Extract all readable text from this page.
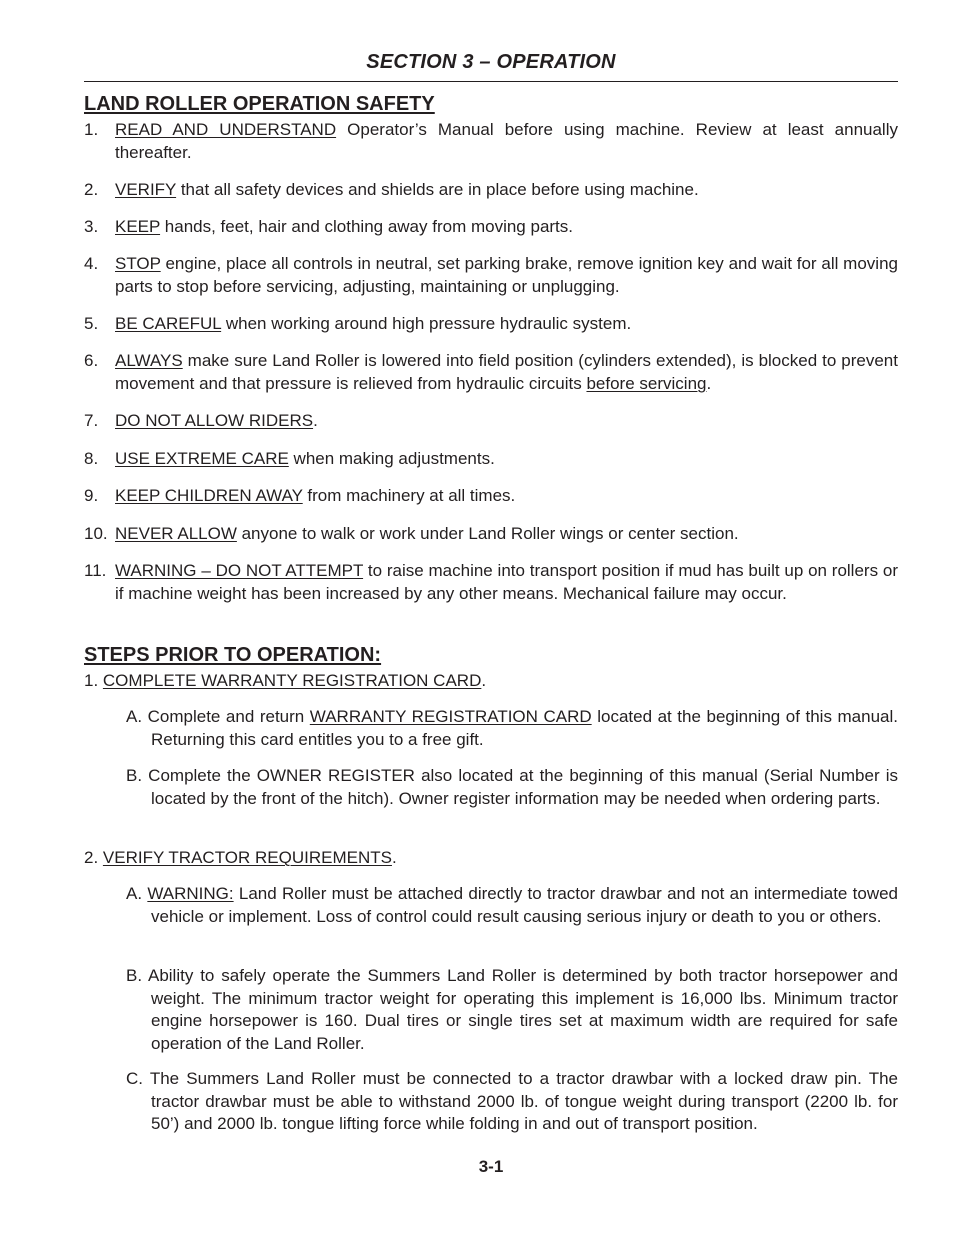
SECTION 3 – OPERATION
LAND ROLLER OPERATION SAFETY
1. READ AND UNDERSTAND Operator’s Manual before using machine. Review at least annually thereafter.
2. VERIFY that all safety devices and shields are in place before using machine.
3. KEEP hands, feet, hair and clothing away from moving parts.
4. STOP engine, place all controls in neutral, set parking brake, remove ignition key and wait for all moving parts to stop before servicing, adjusting, maintaining or unplugging.
5. BE CAREFUL when working around high pressure hydraulic system.
6. ALWAYS make sure Land Roller is lowered into field position (cylinders extended), is blocked to prevent movement and that pressure is relieved from hydraulic circuits before servicing.
7. DO NOT ALLOW RIDERS.
8. USE EXTREME CARE when making adjustments.
9. KEEP CHILDREN AWAY from machinery at all times.
10. NEVER ALLOW anyone to walk or work under Land Roller wings or center section.
11. WARNING – DO NOT ATTEMPT to raise machine into transport position if mud has built up on rollers or if machine weight has been increased by any other means. Mechanical failure may occur.
STEPS PRIOR TO OPERATION:
1. COMPLETE WARRANTY REGISTRATION CARD.
A. Complete and return WARRANTY REGISTRATION CARD located at the beginning of this manual. Returning this card entitles you to a free gift.
B. Complete the OWNER REGISTER also located at the beginning of this manual (Serial Number is located by the front of the hitch). Owner register information may be needed when ordering parts.
2. VERIFY TRACTOR REQUIREMENTS.
A. WARNING: Land Roller must be attached directly to tractor drawbar and not an intermediate towed vehicle or implement. Loss of control could result causing serious injury or death to you or others.
B. Ability to safely operate the Summers Land Roller is determined by both tractor horsepower and weight. The minimum tractor weight for operating this implement is 16,000 lbs. Minimum tractor engine horsepower is 160. Dual tires or single tires set at maximum width are required for safe operation of the Land Roller.
C. The Summers Land Roller must be connected to a tractor drawbar with a locked draw pin. The tractor drawbar must be able to withstand 2000 lb. of tongue weight during transport (2200 lb. for 50’) and 2000 lb. tongue lifting force while folding in and out of transport position.
3-1
